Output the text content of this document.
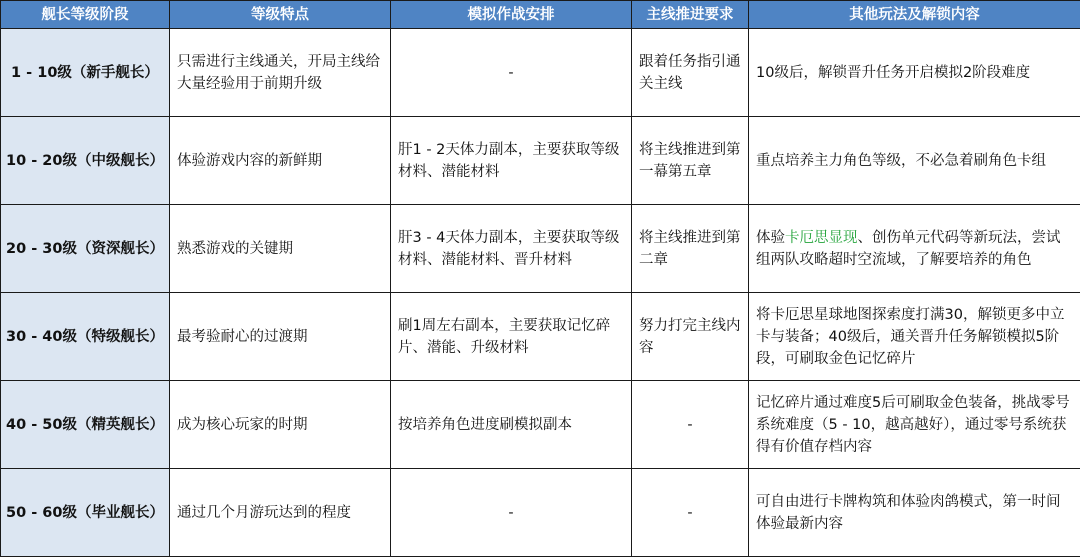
舰长等级阶段	等级特点	模拟作战安排	主线推进要求	其他玩法及解锁内容
1 - 10级（新手舰长）	只需进行主线通关，开局主线给大量经验用于前期升级	-	跟着任务指引通关主线	10级后，解锁晋升任务开启模拟2阶段难度
10 - 20级（中级舰长）	体验游戏内容的新鲜期	肝1 - 2天体力副本，主要获取等级材料、潜能材料	将主线推进到第一幕第五章	重点培养主力角色等级，不必急着刷角色卡组
20 - 30级（资深舰长）	熟悉游戏的关键期	肝3 - 4天体力副本，主要获取等级材料、潜能材料、晋升材料	将主线推进到第二章	体验卡厄思显现、创伤单元代码等新玩法，尝试组两队攻略超时空流域，了解要培养的角色
30 - 40级（特级舰长）	最考验耐心的过渡期	刷1周左右副本，主要获取记忆碎片、潜能、升级材料	努力打完主线内容	将卡厄思星球地图探索度打满30，解锁更多中立卡与装备；40级后，通关晋升任务解锁模拟5阶段，可刷取金色记忆碎片
40 - 50级（精英舰长）	成为核心玩家的时期	按培养角色进度刷模拟副本	-	记忆碎片通过难度5后可刷取金色装备，挑战零号系统难度（5 - 10，越高越好），通过零号系统获得有价值存档内容
50 - 60级（毕业舰长）	通过几个月游玩达到的程度	-	-	可自由进行卡牌构筑和体验肉鸽模式，第一时间体验最新内容
